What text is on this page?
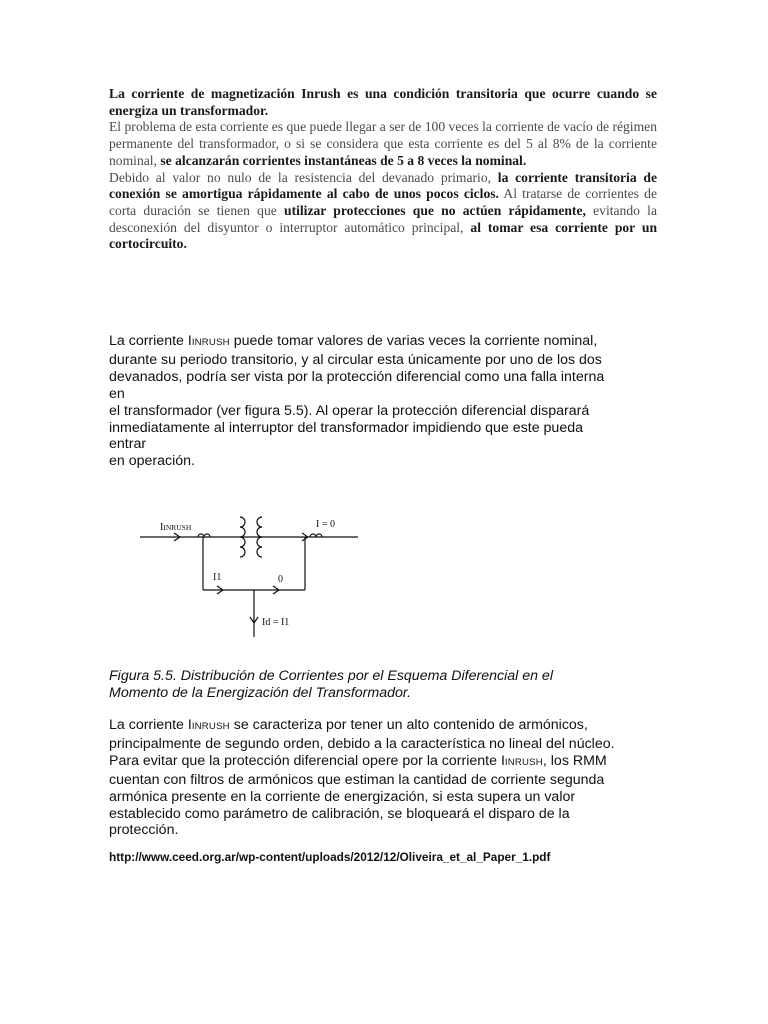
La corriente de magnetización Inrush es una condición transitoria que ocurre cuando se energiza un transformador.
El problema de esta corriente es que puede llegar a ser de 100 veces la corriente de vacío de régimen permanente del transformador, o si se considera que esta corriente es del 5 al 8% de la corriente nominal, se alcanzarán corrientes instantáneas de 5 a 8 veces la nominal.
Debido al valor no nulo de la resistencia del devanado primario, la corriente transitoria de conexión se amortigua rápidamente al cabo de unos pocos ciclos. Al tratarse de corrientes de corta duración se tienen que utilizar protecciones que no actúen rápidamente, evitando la desconexión del disyuntor o interruptor automático principal, al tomar esa corriente por un cortocircuito.

La corriente IINRUSH puede tomar valores de varias veces la corriente nominal,

durante su periodo transitorio, y al circular esta únicamente por uno de los dos

devanados, podría ser vista por la protección diferencial como una falla interna

en

el transformador (ver figura 5.5). Al operar la protección diferencial disparará

inmediatamente al interruptor del transformador impidiendo que este pueda

entrar

en operación.

IINRUSH	I = 0
I1	0
Id = I1

Figura 5.5. Distribución de Corrientes por el Esquema Diferencial en el

Momento de la Energización del Transformador.

La corriente IINRUSH se caracteriza por tener un alto contenido de armónicos,

principalmente de segundo orden, debido a la característica no lineal del núcleo.

Para evitar que la protección diferencial opere por la corriente IINRUSH, los RMM

cuentan con filtros de armónicos que estiman la cantidad de corriente segunda

armónica presente en la corriente de energización, si esta supera un valor

establecido como parámetro de calibración, se bloqueará el disparo de la

protección.

http://www.ceed.org.ar/wp-content/uploads/2012/12/Oliveira_et_al_Paper_1.pdf
